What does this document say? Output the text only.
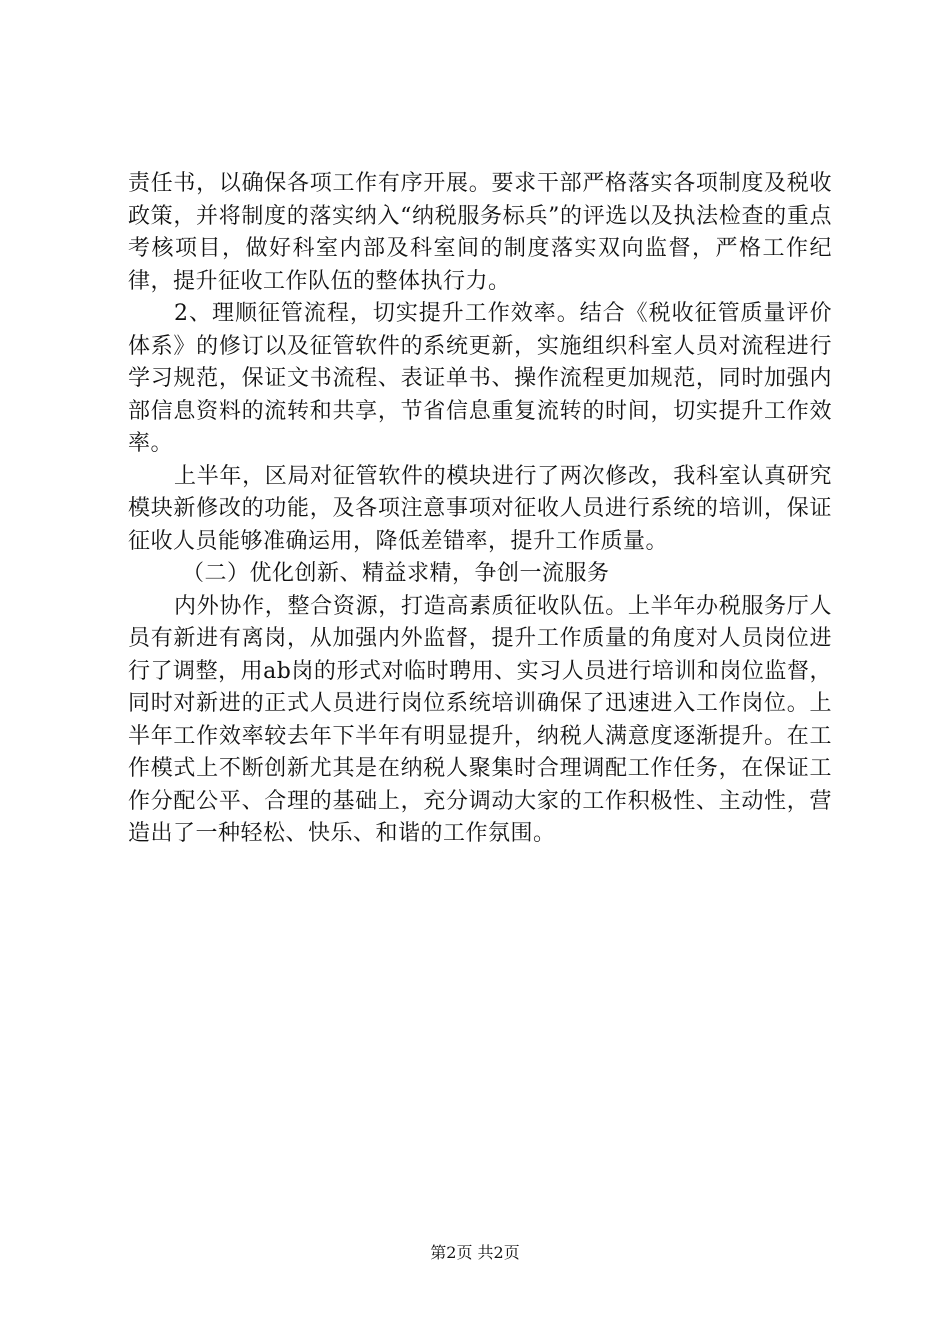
责任书，以确保各项工作有序开展。要求干部严格落实各项制度及税收政策，并将制度的落实纳入“纳税服务标兵”的评选以及执法检查的重点考核项目，做好科室内部及科室间的制度落实双向监督，严格工作纪律，提升征收工作队伍的整体执行力。

2、理顺征管流程，切实提升工作效率。结合《税收征管质量评价体系》的修订以及征管软件的系统更新，实施组织科室人员对流程进行学习规范，保证文书流程、表证单书、操作流程更加规范，同时加强内部信息资料的流转和共享，节省信息重复流转的时间，切实提升工作效率。

上半年，区局对征管软件的模块进行了两次修改，我科室认真研究模块新修改的功能，及各项注意事项对征收人员进行系统的培训，保证征收人员能够准确运用，降低差错率，提升工作质量。

（二）优化创新、精益求精，争创一流服务

内外协作，整合资源，打造高素质征收队伍。上半年办税服务厅人员有新进有离岗，从加强内外监督，提升工作质量的角度对人员岗位进行了调整，用ab岗的形式对临时聘用、实习人员进行培训和岗位监督，同时对新进的正式人员进行岗位系统培训确保了迅速进入工作岗位。上半年工作效率较去年下半年有明显提升，纳税人满意度逐渐提升。在工作模式上不断创新尤其是在纳税人聚集时合理调配工作任务，在保证工作分配公平、合理的基础上，充分调动大家的工作积极性、主动性，营造出了一种轻松、快乐、和谐的工作氛围。

第2页 共2页
